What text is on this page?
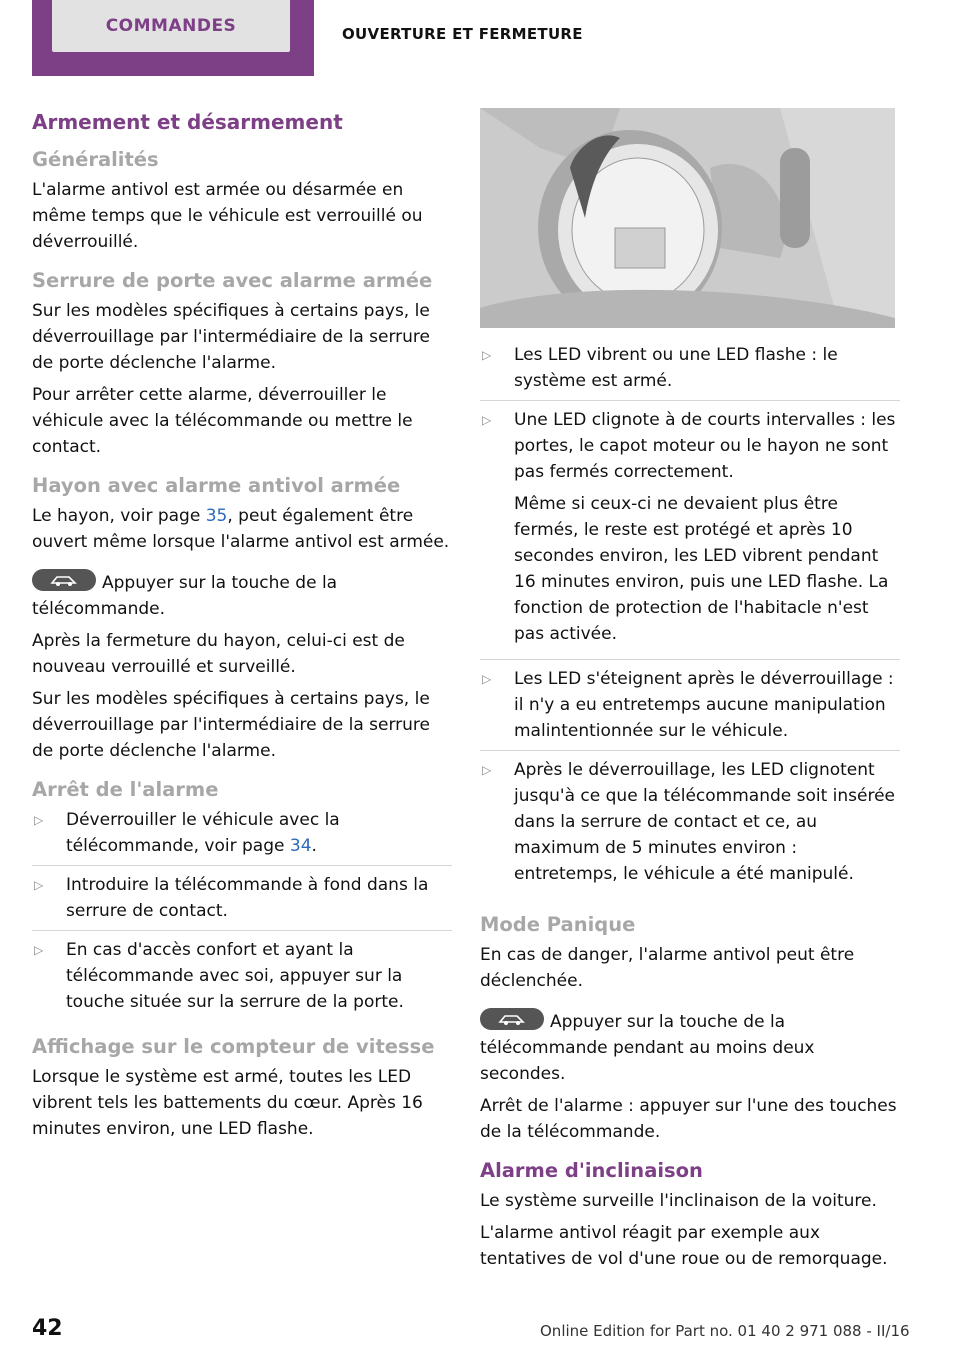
COMMANDES	OUVERTURE ET FERMETURE
Armement et désarmement
Généralités

L'alarme antivol est armée ou désarmée en même temps que le véhicule est verrouillé ou déverrouillé.

Serrure de porte avec alarme armée

Sur les modèles spécifiques à certains pays, le déverrouillage par l'intermédiaire de la serrure de porte déclenche l'alarme.

Pour arrêter cette alarme, déverrouiller le véhicule avec la télécommande ou mettre le contact.

Hayon avec alarme antivol armée

Le hayon, voir page 35, peut également être ouvert même lorsque l'alarme antivol est armée.

Appuyer sur la touche de la télécommande.

Après la fermeture du hayon, celui-ci est de nouveau verrouillé et surveillé.

Sur les modèles spécifiques à certains pays, le déverrouillage par l'intermédiaire de la serrure de porte déclenche l'alarme.

Arrêt de l'alarme
▷ Déverrouiller le véhicule avec la télécommande, voir page 34.
▷ Introduire la télécommande à fond dans la serrure de contact.
▷ En cas d'accès confort et ayant la télécommande avec soi, appuyer sur la touche située sur la serrure de la porte.
Affichage sur le compteur de vitesse

Lorsque le système est armé, toutes les LED vibrent tels les battements du cœur. Après 16 minutes environ, une LED flashe.

▷ Les LED vibrent ou une LED flashe : le système est armé.
▷ Une LED clignote à de courts intervalles : les portes, le capot moteur ou le hayon ne sont pas fermés correctement.

Même si ceux-ci ne devaient plus être fermés, le reste est protégé et après 10 secondes environ, les LED vibrent pendant 16 minutes environ, puis une LED flashe. La fonction de protection de l'habitacle n'est pas activée.

▷ Les LED s'éteignent après le déverrouillage : il n'y a eu entretemps aucune manipulation malintentionnée sur le véhicule.
▷ Après le déverrouillage, les LED clignotent jusqu'à ce que la télécommande soit insérée dans la serrure de contact et ce, au maximum de 5 minutes environ : entretemps, le véhicule a été manipulé.
Mode Panique

En cas de danger, l'alarme antivol peut être déclenchée.

Appuyer sur la touche de la télécommande pendant au moins deux secondes.

Arrêt de l'alarme : appuyer sur l'une des touches de la télécommande.

Alarme d'inclinaison

Le système surveille l'inclinaison de la voiture.

L'alarme antivol réagit par exemple aux tentatives de vol d'une roue ou de remorquage.

42	Online Edition for Part no. 01 40 2 971 088 - II/16
